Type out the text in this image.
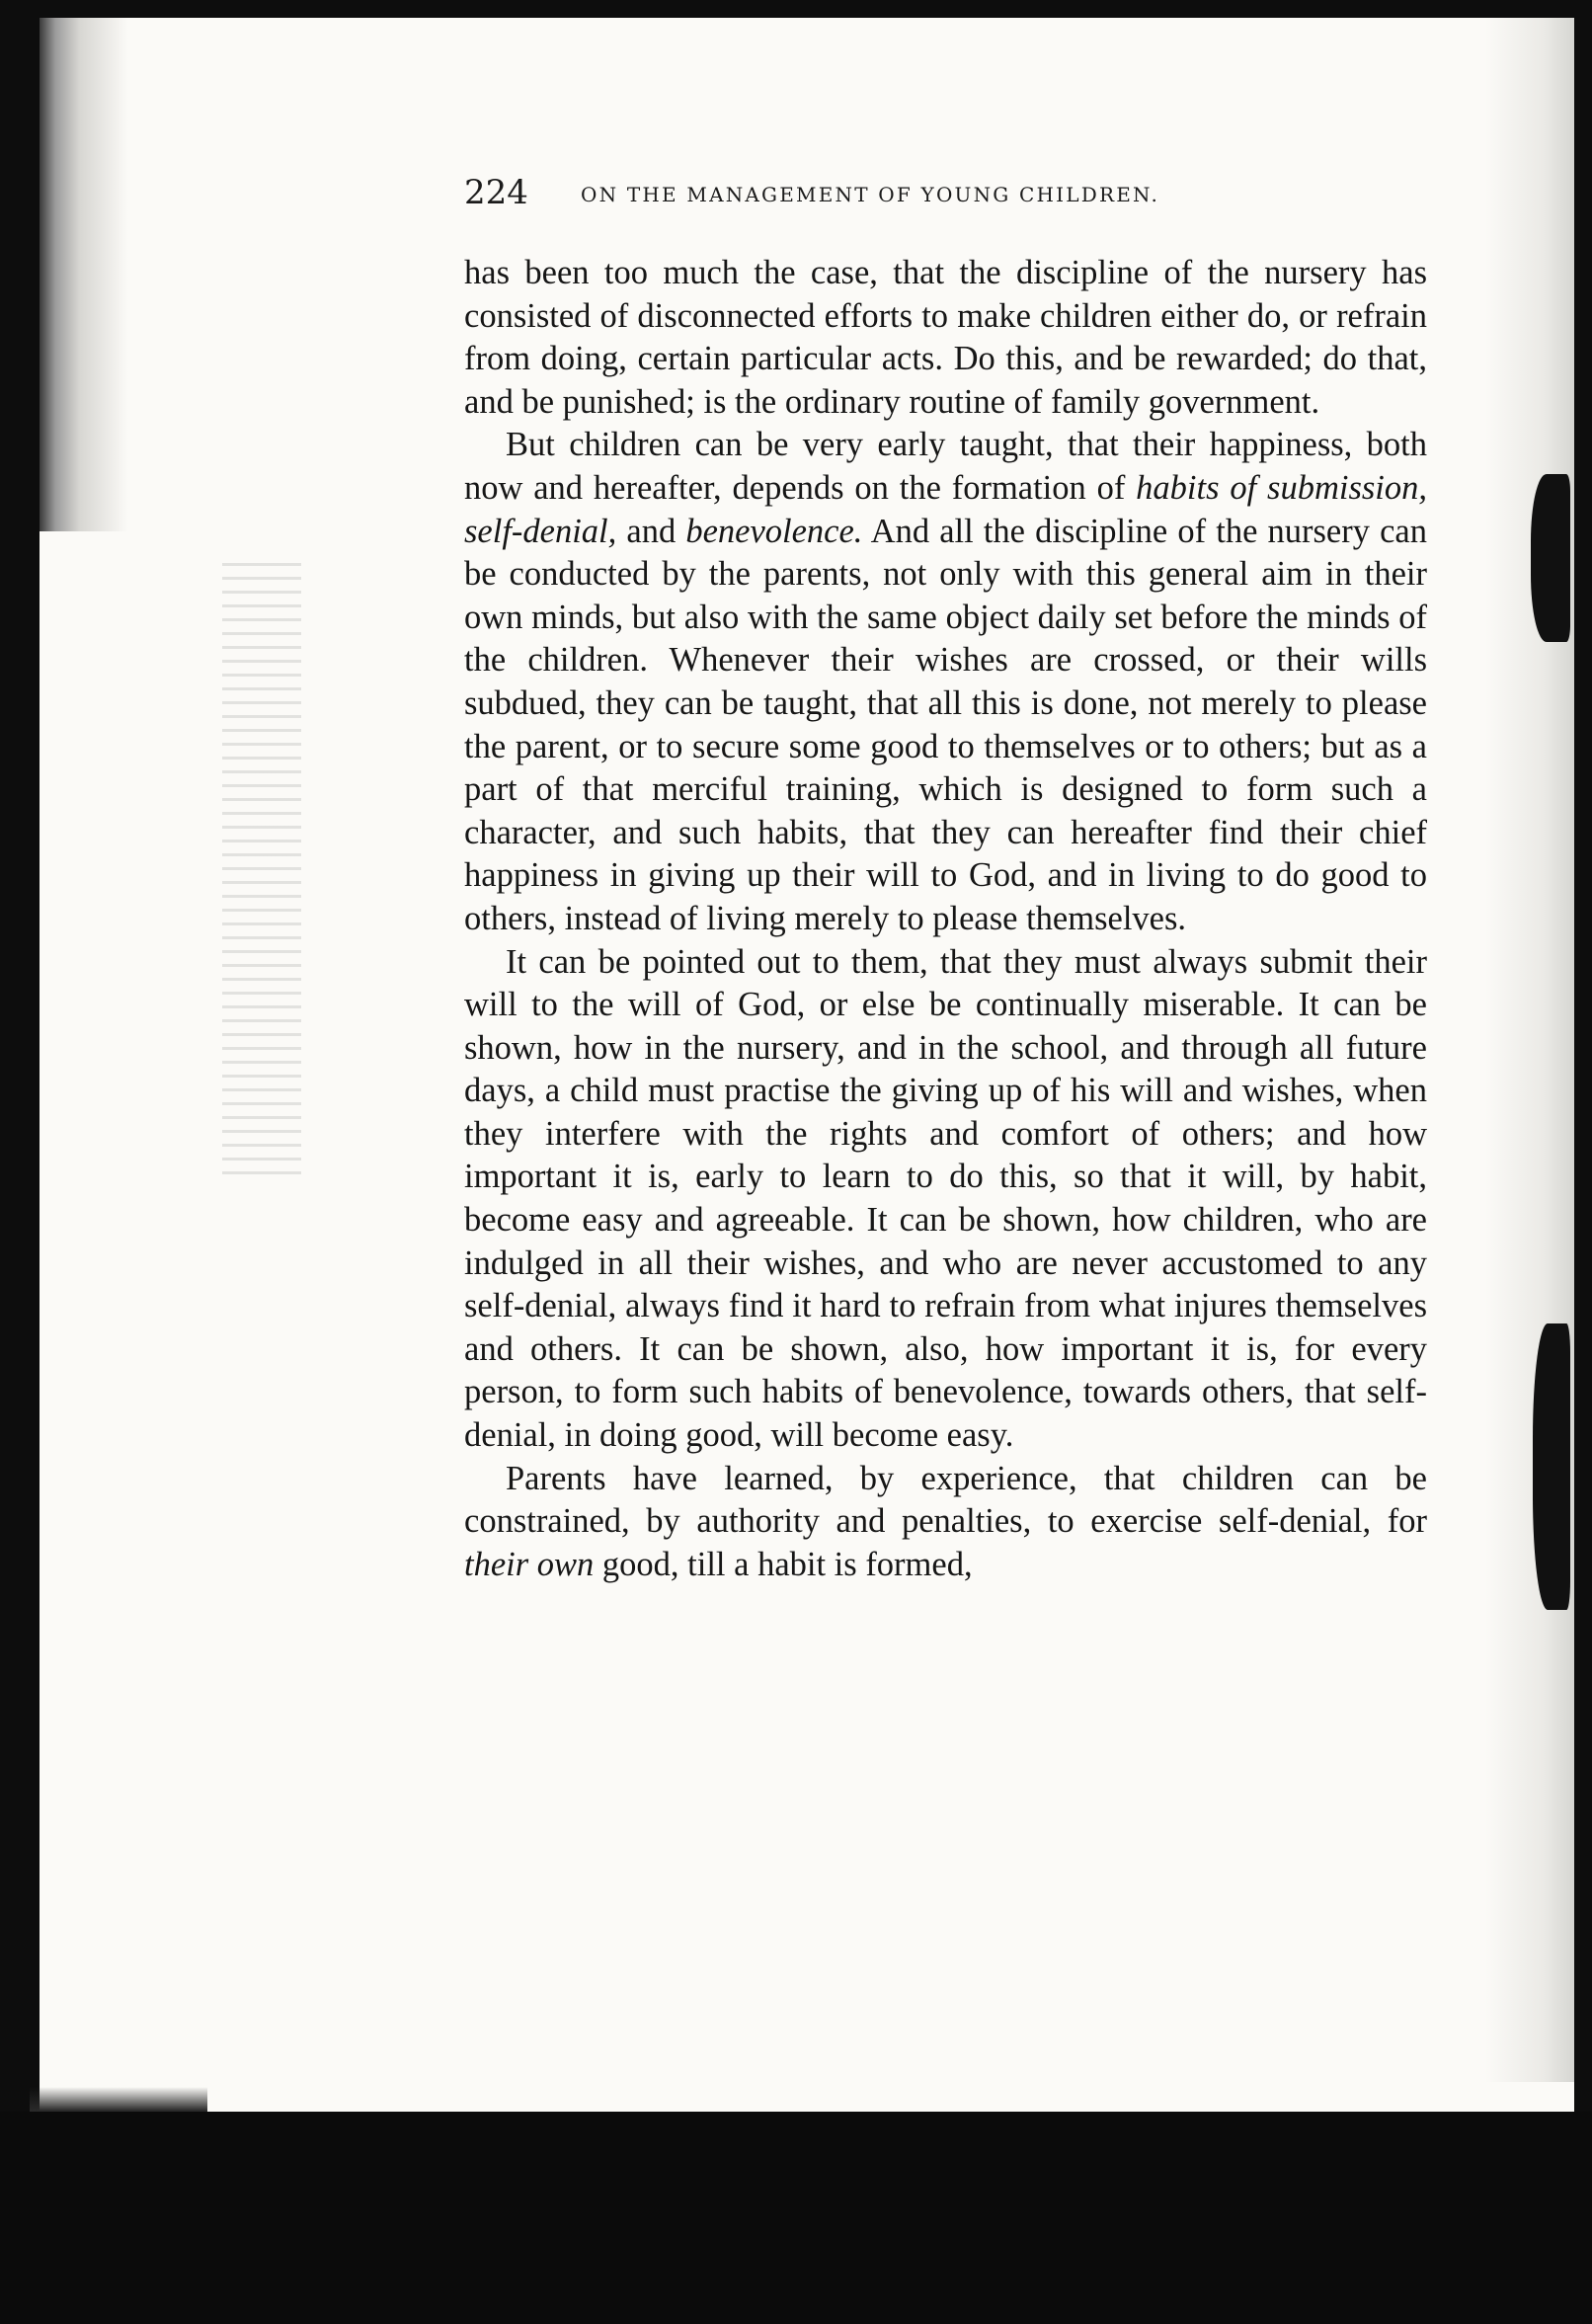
224	ON THE MANAGEMENT OF YOUNG CHILDREN.

has been too much the case, that the discipline of the nursery has consisted of disconnected efforts to make children either do, or refrain from doing, certain particular acts. Do this, and be rewarded; do that, and be punished; is the ordinary routine of family government.

But children can be very early taught, that their happiness, both now and hereafter, depends on the formation of habits of submission, self-denial, and benevolence. And all the discipline of the nursery can be conducted by the parents, not only with this general aim in their own minds, but also with the same object daily set before the minds of the children. Whenever their wishes are crossed, or their wills subdued, they can be taught, that all this is done, not merely to please the parent, or to secure some good to themselves or to others; but as a part of that merciful training, which is designed to form such a character, and such habits, that they can hereafter find their chief happiness in giving up their will to God, and in living to do good to others, instead of living merely to please themselves.

It can be pointed out to them, that they must always submit their will to the will of God, or else be continually miserable. It can be shown, how in the nursery, and in the school, and through all future days, a child must practise the giving up of his will and wishes, when they interfere with the rights and comfort of others; and how important it is, early to learn to do this, so that it will, by habit, become easy and agreeable. It can be shown, how children, who are indulged in all their wishes, and who are never accustomed to any self-denial, always find it hard to refrain from what injures themselves and others. It can be shown, also, how important it is, for every person, to form such habits of benevolence, towards others, that self-denial, in doing good, will become easy.

Parents have learned, by experience, that children can be constrained, by authority and penalties, to exercise self-denial, for their own good, till a habit is formed,
